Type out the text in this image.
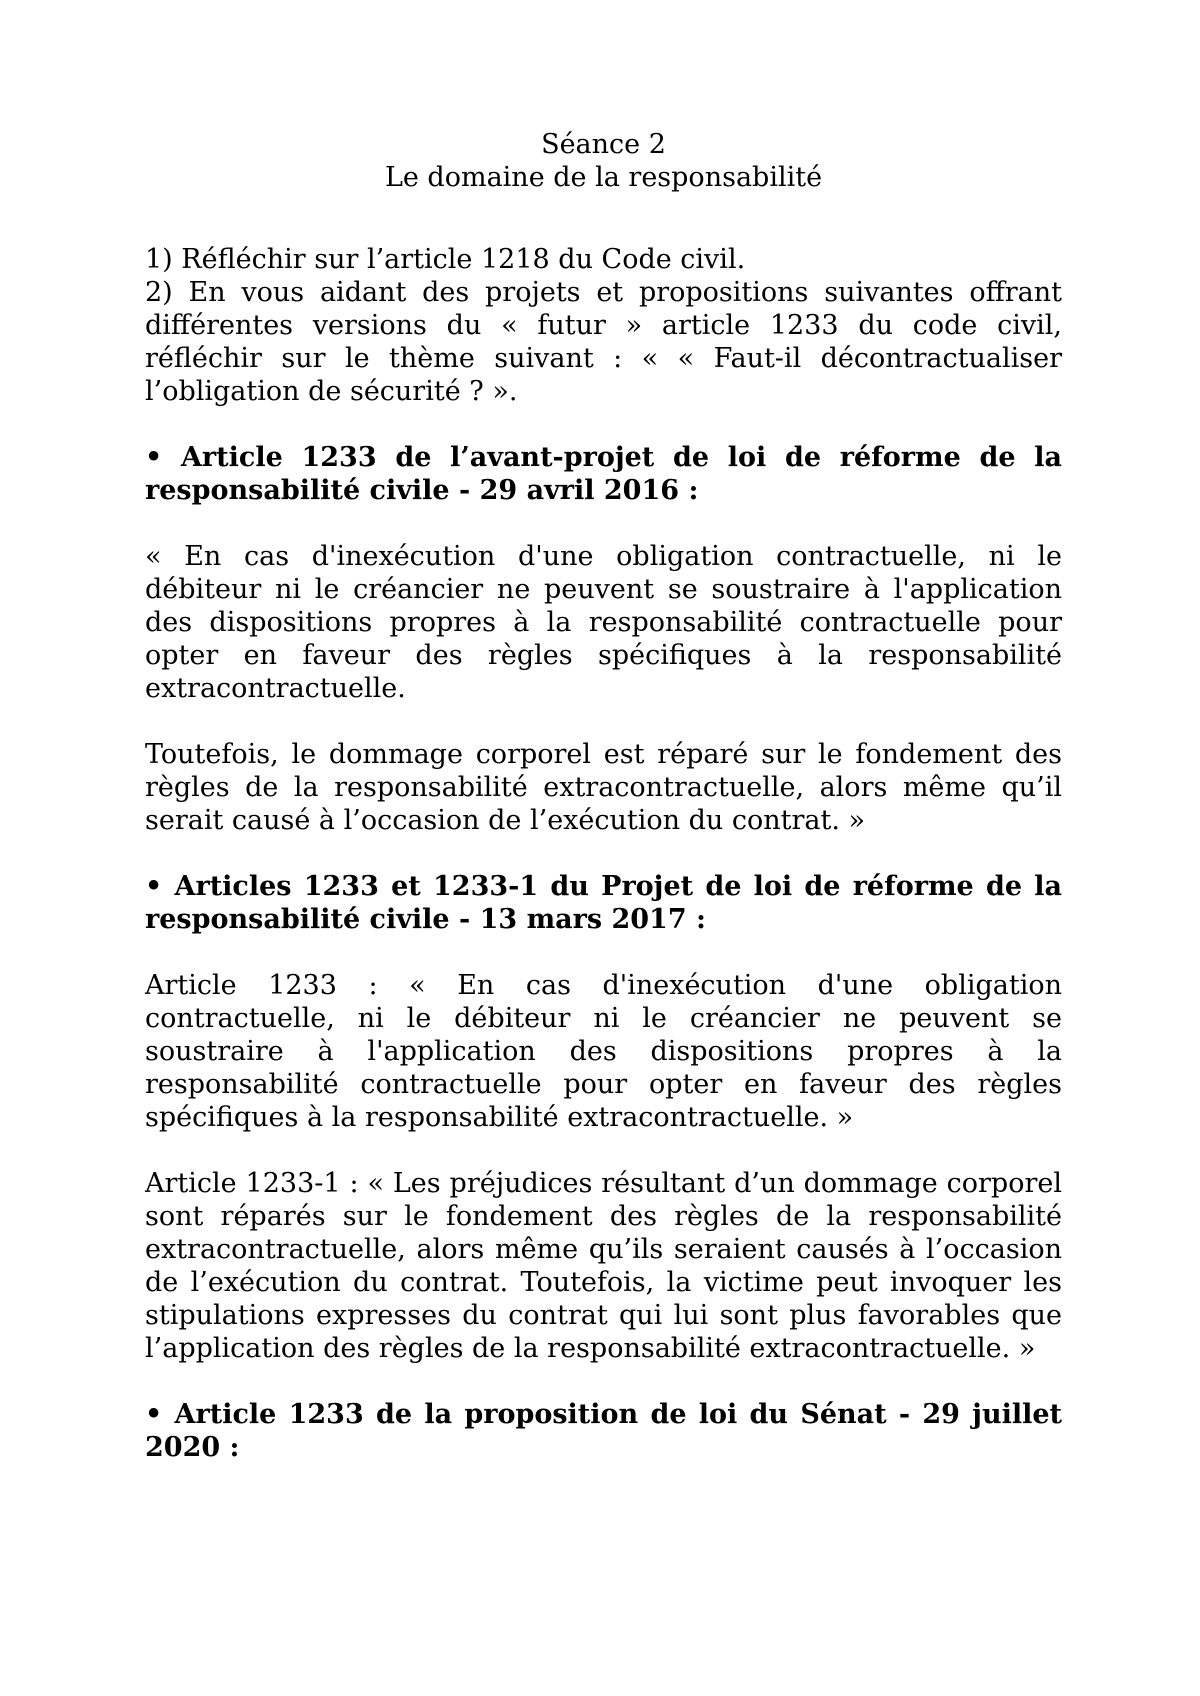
Séance 2
Le domaine de la responsabilité

1) Réfléchir sur l’article 1218 du Code civil.

2) En vous aidant des projets et propositions suivantes offrant différentes versions du « futur » article 1233 du code civil, réfléchir sur le thème suivant : « « Faut-il décontractualiser l’obligation de sécurité ? ».

• Article 1233 de l’avant-projet de loi de réforme de la responsabilité civile - 29 avril 2016 :

« En cas d'inexécution d'une obligation contractuelle, ni le débiteur ni le créancier ne peuvent se soustraire à l'application des dispositions propres à la responsabilité contractuelle pour opter en faveur des règles spécifiques à la responsabilité extracontractuelle.

Toutefois, le dommage corporel est réparé sur le fondement des règles de la responsabilité extracontractuelle, alors même qu’il serait causé à l’occasion de l’exécution du contrat. »

• Articles 1233 et 1233-1 du Projet de loi de réforme de la responsabilité civile - 13 mars 2017 :

Article 1233 : « En cas d'inexécution d'une obligation contractuelle, ni le débiteur ni le créancier ne peuvent se soustraire à l'application des dispositions propres à la responsabilité contractuelle pour opter en faveur des règles spécifiques à la responsabilité extracontractuelle. »

Article 1233-1 : « Les préjudices résultant d’un dommage corporel sont réparés sur le fondement des règles de la responsabilité extracontractuelle, alors même qu’ils seraient causés à l’occasion de l’exécution du contrat. Toutefois, la victime peut invoquer les stipulations expresses du contrat qui lui sont plus favorables que l’application des règles de la responsabilité extracontractuelle. »

• Article 1233 de la proposition de loi du Sénat - 29 juillet 2020 :
